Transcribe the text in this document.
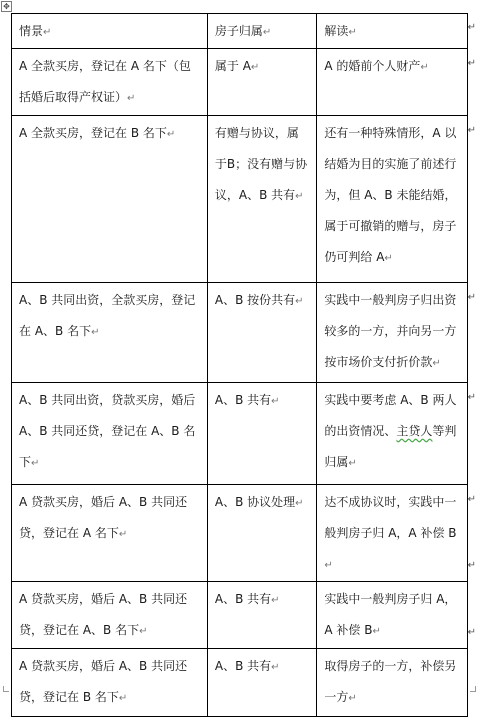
✥
情景↵	房子归属↵	解读↵
A 全款买房，登记在 A 名下（包括婚后取得产权证）↵	属于 A↵	A 的婚前个人财产↵
A 全款买房，登记在 B 名下↵	有赠与协议，属于B；没有赠与协议，A、B 共有↵	还有一种特殊情形，A 以结婚为目的实施了前述行为，但 A、B 未能结婚，属于可撤销的赠与，房子仍可判给 A↵
A、B 共同出资，全款买房，登记在 A、B 名下↵	A、B 按份共有↵	实践中一般判房子归出资较多的一方，并向另一方按市场价支付折价款↵
A、B 共同出资，贷款买房，婚后 A、B 共同还贷，登记在 A、B 名下↵	A、B 共有↵	实践中要考虑 A、B 两人的出资情况、主贷人等判归属↵
A 贷款买房，婚后 A、B 共同还贷，登记在 A 名下↵	A、B 协议处理↵	达不成协议时，实践中一般判房子归 A，A 补偿 B↵
A 贷款买房，婚后 A、B 共同还贷，登记在 A、B 名下↵	A、B 共有↵	实践中一般判房子归 A，A 补偿 B↵
A 贷款买房，婚后 A、B 共同还贷，登记在 B 名下↵	A、B 共有↵	取得房子的一方，补偿另一方↵
↵
↵
↵
↵
↵
↵
↵
↵
